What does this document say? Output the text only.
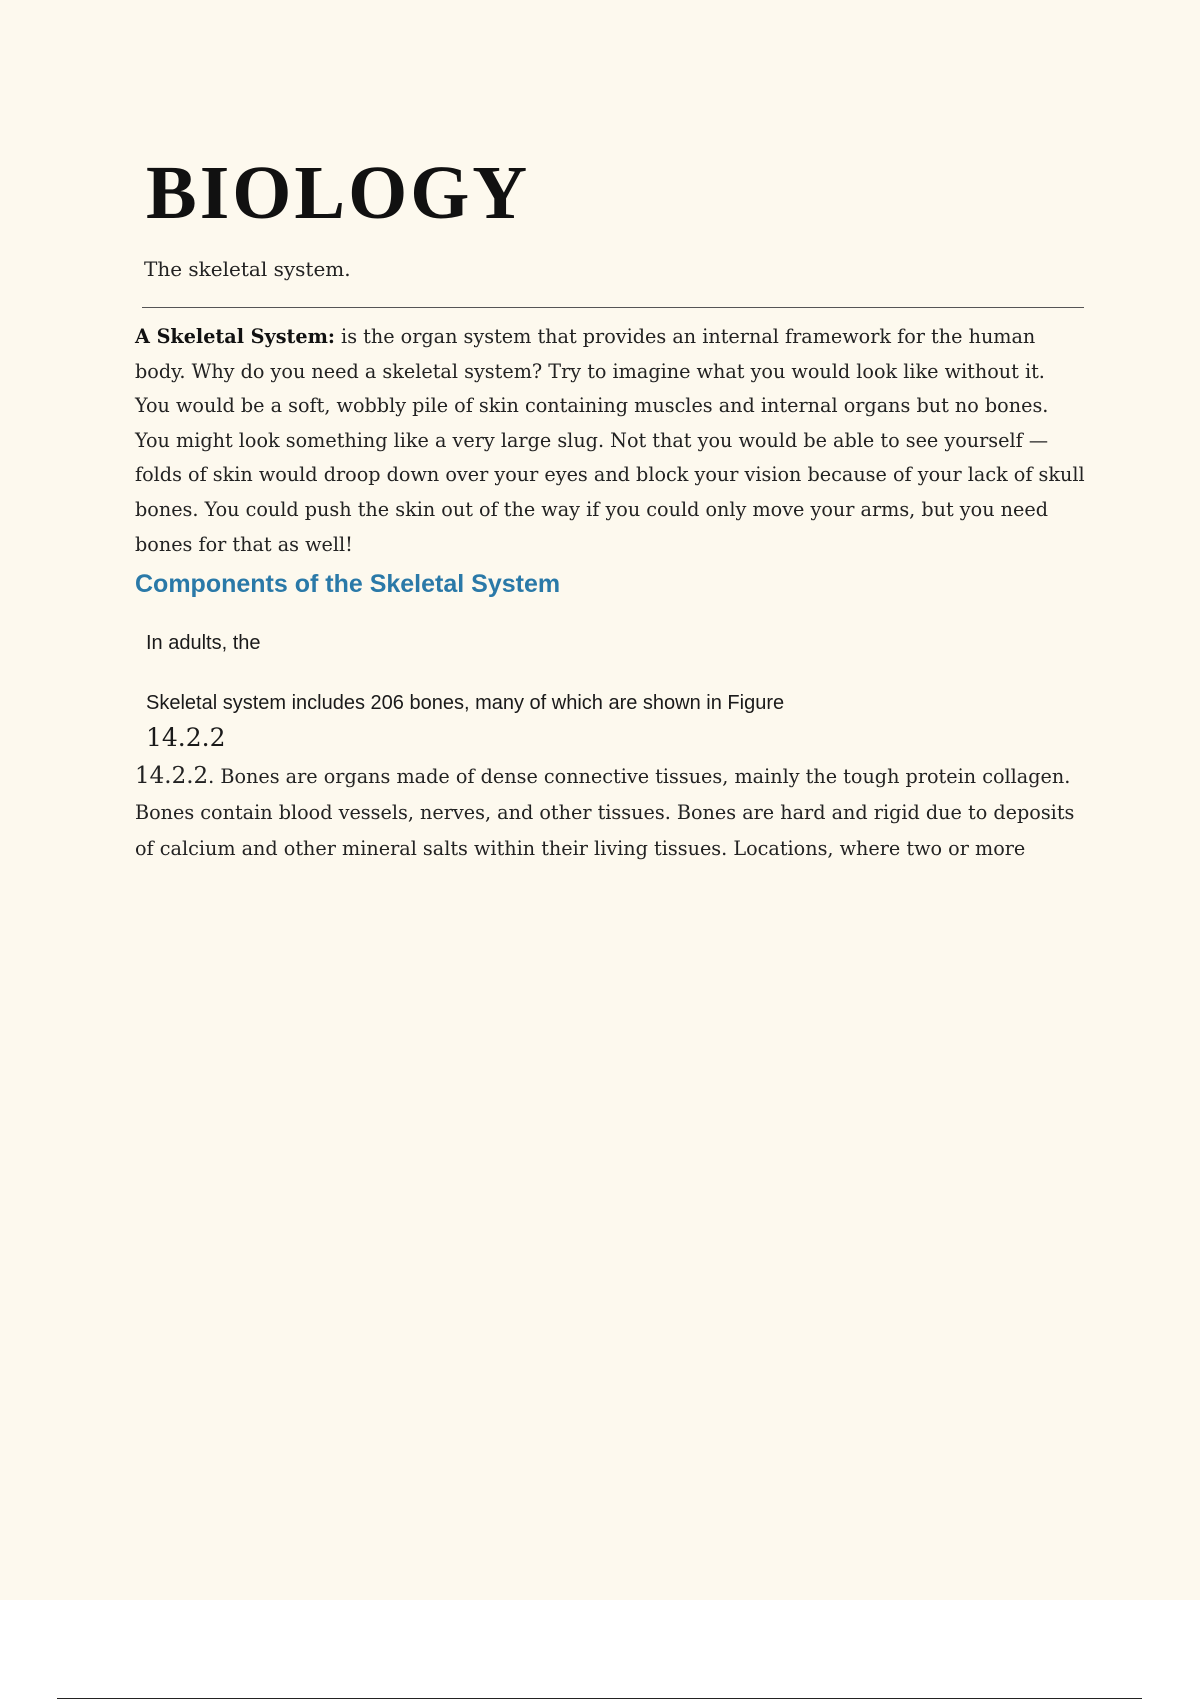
BIOLOGY
The skeletal system.

A Skeletal System: is the organ system that provides an internal framework for the human body. Why do you need a skeletal system? Try to imagine what you would look like without it. You would be a soft, wobbly pile of skin containing muscles and internal organs but no bones. You might look something like a very large slug. Not that you would be able to see yourself — folds of skin would droop down over your eyes and block your vision because of your lack of skull bones. You could push the skin out of the way if you could only move your arms, but you need bones for that as well!

Components of the Skeletal System
In adults, the
Skeletal system includes 206 bones, many of which are shown in Figure
14.2.2

14.2.2. Bones are organs made of dense connective tissues, mainly the tough protein collagen. Bones contain blood vessels, nerves, and other tissues. Bones are hard and rigid due to deposits of calcium and other mineral salts within their living tissues. Locations, where two or more
